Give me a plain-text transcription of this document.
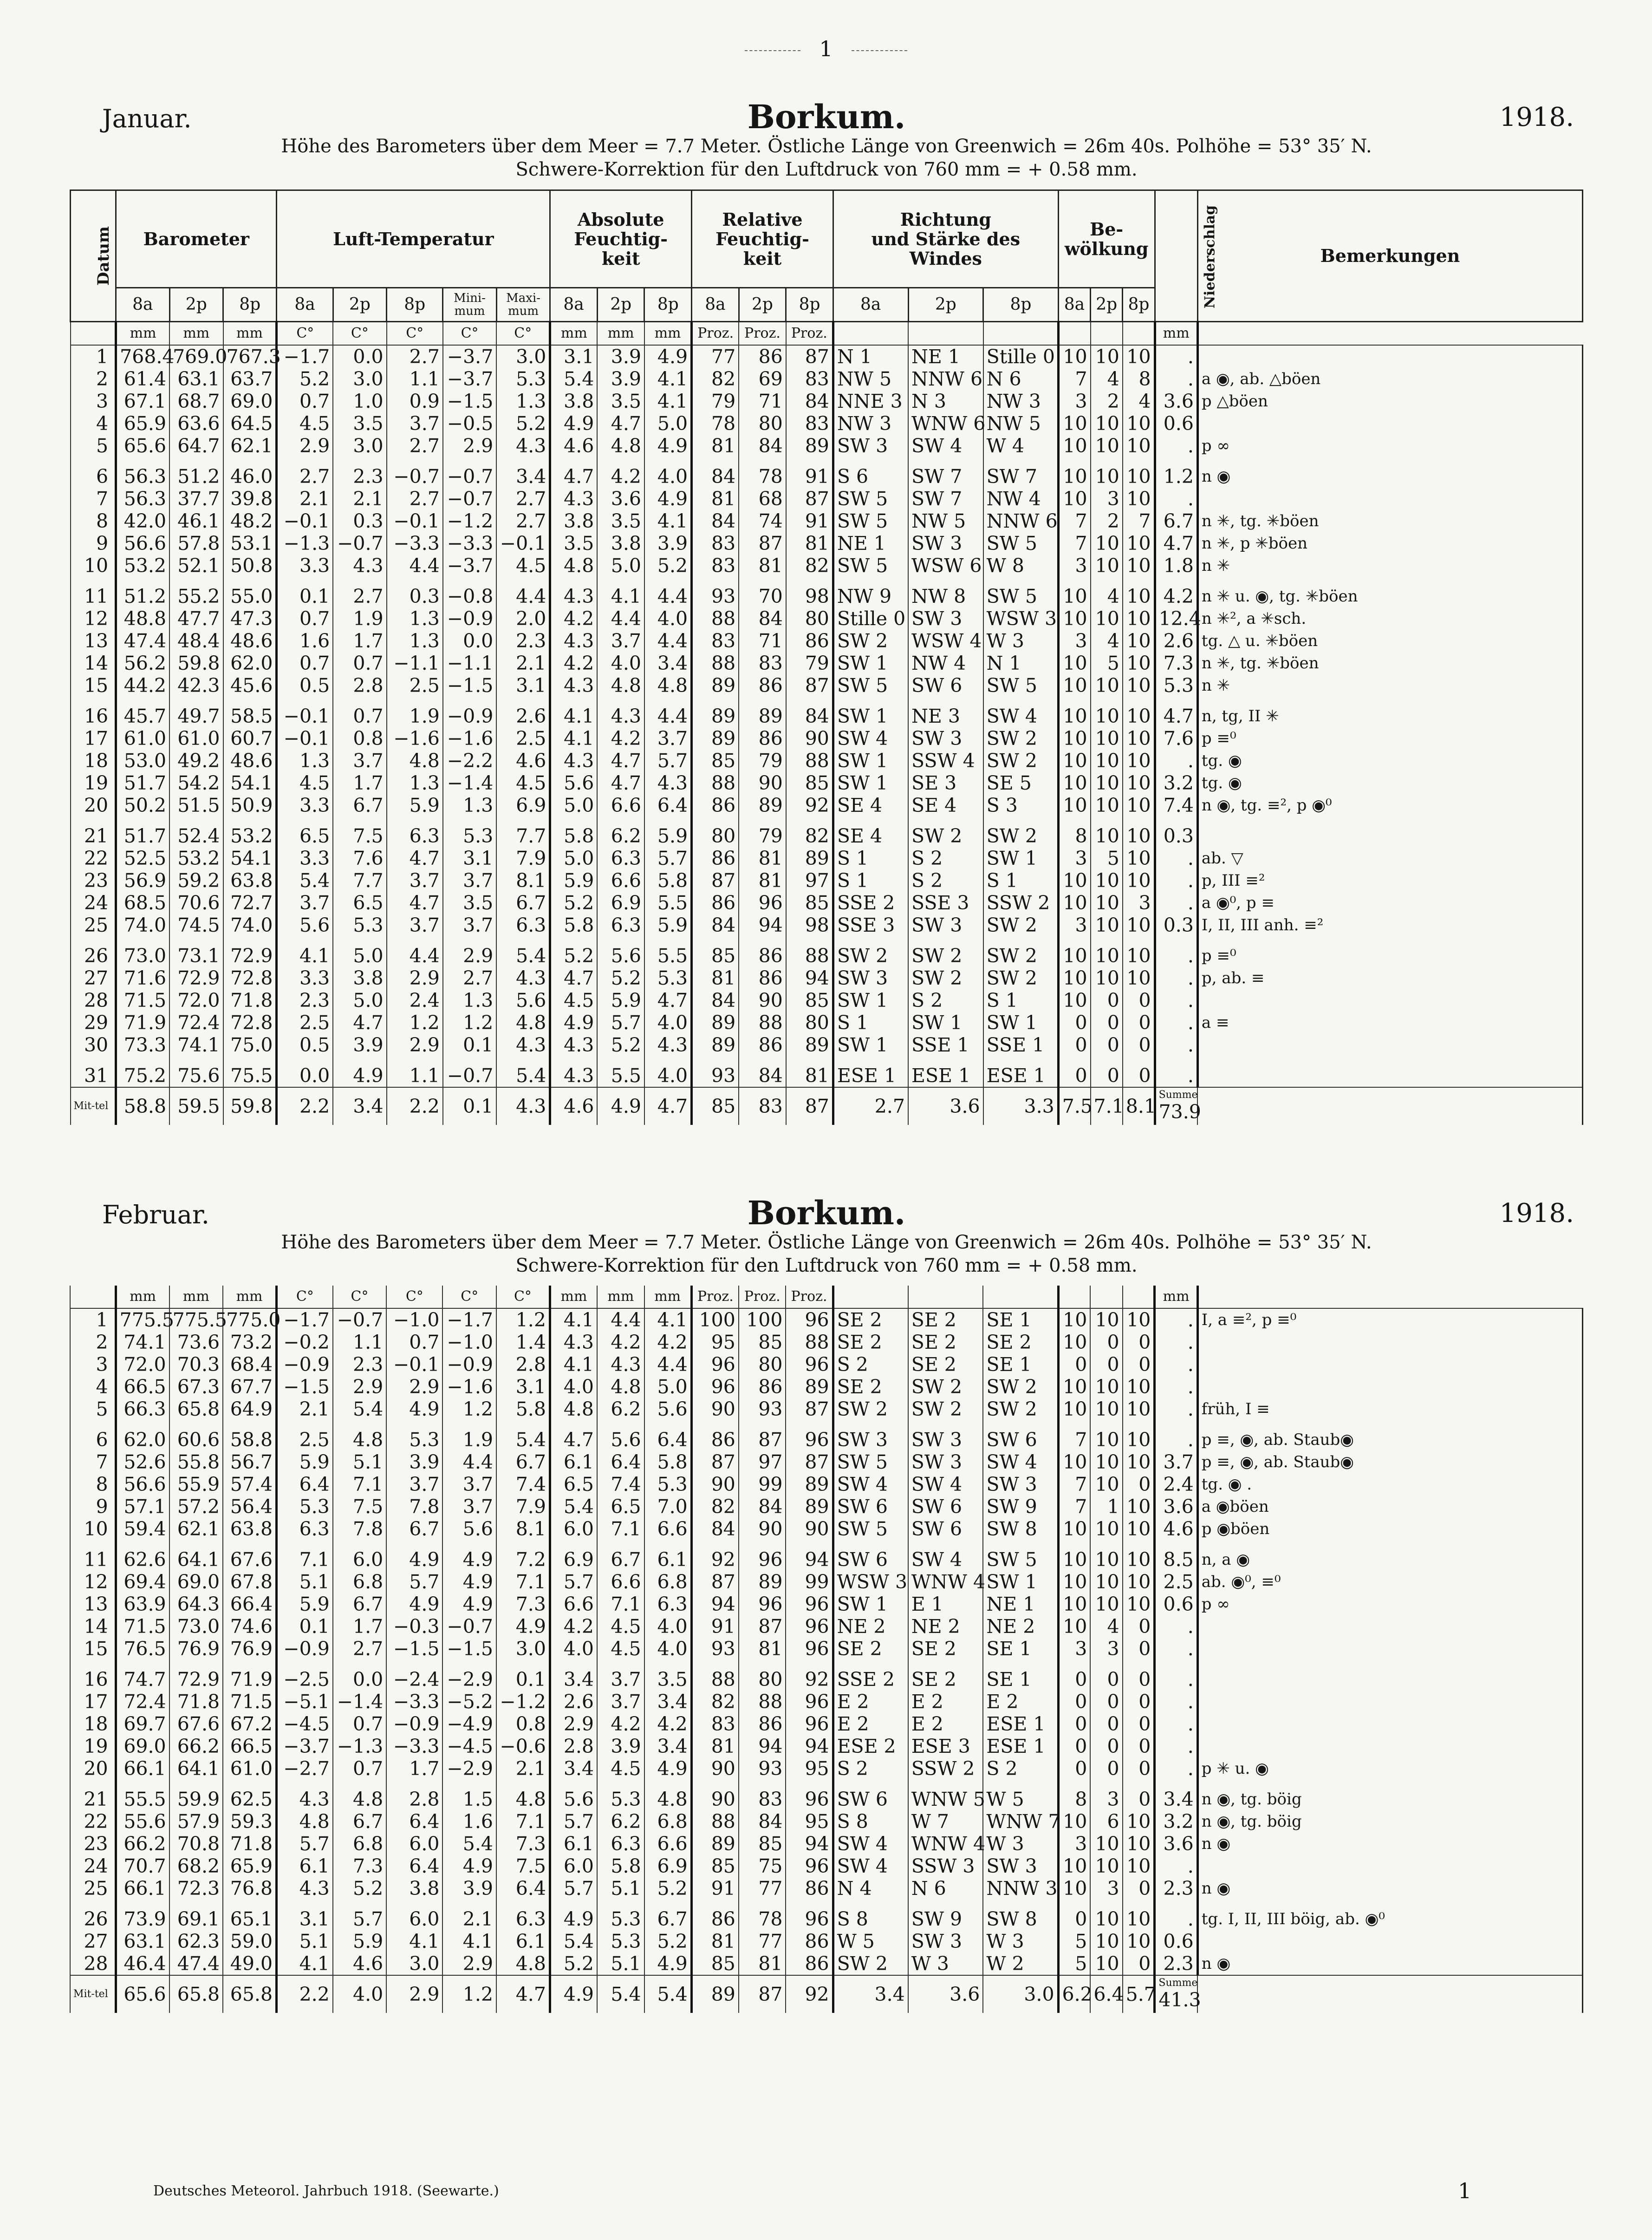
1
Januar.	Borkum.	1918.
Höhe des Barometers über dem Meer = 7.7 Meter. Östliche Länge von Greenwich = 26m 40s. Polhöhe = 53° 35′ N.
Schwere-Korrektion für den Luftdruck von 760 mm = + 0.58 mm.
Datum	Barometer			Luft-Temperatur					Absolute
Feuchtig-
keit			Relative
Feuchtig-
keit			Richtung
und Stärke des
Windes			Be-
wölkung			Niederschlag	Bemerkungen
	8a	2p	8p	8a	2p	8p	Mini-
mum	Maxi-
mum	8a	2p	8p	8a	2p	8p	8a	2p	8p	8a	2p	8p		
	mm	mm	mm	C°	C°	C°	C°	C°	mm	mm	mm	Proz.	Proz.	Proz.							mm	
1	768.4	769.0	767.3	−1.7	0.0	2.7	−3.7	3.0	3.1	3.9	4.9	77	86	87	N 1	NE 1	Stille 0	10	10	10	.	
2	61.4	63.1	63.7	5.2	3.0	1.1	−3.7	5.3	5.4	3.9	4.1	82	69	83	NW 5	NNW 6	N 6	7	4	8	.	a ◉, ab. △böen
3	67.1	68.7	69.0	0.7	1.0	0.9	−1.5	1.3	3.8	3.5	4.1	79	71	84	NNE 3	N 3	NW 3	3	2	4	3.6	p △böen
4	65.9	63.6	64.5	4.5	3.5	3.7	−0.5	5.2	4.9	4.7	5.0	78	80	83	NW 3	WNW 6	NW 5	10	10	10	0.6	
5	65.6	64.7	62.1	2.9	3.0	2.7	2.9	4.3	4.6	4.8	4.9	81	84	89	SW 3	SW 4	W 4	10	10	10	.	p ∞
6	56.3	51.2	46.0	2.7	2.3	−0.7	−0.7	3.4	4.7	4.2	4.0	84	78	91	S 6	SW 7	SW 7	10	10	10	1.2	n ◉
7	56.3	37.7	39.8	2.1	2.1	2.7	−0.7	2.7	4.3	3.6	4.9	81	68	87	SW 5	SW 7	NW 4	10	3	10	.	
8	42.0	46.1	48.2	−0.1	0.3	−0.1	−1.2	2.7	3.8	3.5	4.1	84	74	91	SW 5	NW 5	NNW 6	7	2	7	6.7	n ✳, tg. ✳böen
9	56.6	57.8	53.1	−1.3	−0.7	−3.3	−3.3	−0.1	3.5	3.8	3.9	83	87	81	NE 1	SW 3	SW 5	7	10	10	4.7	n ✳, p ✳böen
10	53.2	52.1	50.8	3.3	4.3	4.4	−3.7	4.5	4.8	5.0	5.2	83	81	82	SW 5	WSW 6	W 8	3	10	10	1.8	n ✳
11	51.2	55.2	55.0	0.1	2.7	0.3	−0.8	4.4	4.3	4.1	4.4	93	70	98	NW 9	NW 8	SW 5	10	4	10	4.2	n ✳ u. ◉, tg. ✳böen
12	48.8	47.7	47.3	0.7	1.9	1.3	−0.9	2.0	4.2	4.4	4.0	88	84	80	Stille 0	SW 3	WSW 3	10	10	10	12.4	n ✳², a ✳sch.
13	47.4	48.4	48.6	1.6	1.7	1.3	0.0	2.3	4.3	3.7	4.4	83	71	86	SW 2	WSW 4	W 3	3	4	10	2.6	tg. △ u. ✳böen
14	56.2	59.8	62.0	0.7	0.7	−1.1	−1.1	2.1	4.2	4.0	3.4	88	83	79	SW 1	NW 4	N 1	10	5	10	7.3	n ✳, tg. ✳böen
15	44.2	42.3	45.6	0.5	2.8	2.5	−1.5	3.1	4.3	4.8	4.8	89	86	87	SW 5	SW 6	SW 5	10	10	10	5.3	n ✳
16	45.7	49.7	58.5	−0.1	0.7	1.9	−0.9	2.6	4.1	4.3	4.4	89	89	84	SW 1	NE 3	SW 4	10	10	10	4.7	n, tg, II ✳
17	61.0	61.0	60.7	−0.1	0.8	−1.6	−1.6	2.5	4.1	4.2	3.7	89	86	90	SW 4	SW 3	SW 2	10	10	10	7.6	p ≡⁰
18	53.0	49.2	48.6	1.3	3.7	4.8	−2.2	4.6	4.3	4.7	5.7	85	79	88	SW 1	SSW 4	SW 2	10	10	10	.	tg. ◉
19	51.7	54.2	54.1	4.5	1.7	1.3	−1.4	4.5	5.6	4.7	4.3	88	90	85	SW 1	SE 3	SE 5	10	10	10	3.2	tg. ◉
20	50.2	51.5	50.9	3.3	6.7	5.9	1.3	6.9	5.0	6.6	6.4	86	89	92	SE 4	SE 4	S 3	10	10	10	7.4	n ◉, tg. ≡², p ◉⁰
21	51.7	52.4	53.2	6.5	7.5	6.3	5.3	7.7	5.8	6.2	5.9	80	79	82	SE 4	SW 2	SW 2	8	10	10	0.3	
22	52.5	53.2	54.1	3.3	7.6	4.7	3.1	7.9	5.0	6.3	5.7	86	81	89	S 1	S 2	SW 1	3	5	10	.	ab. ▽
23	56.9	59.2	63.8	5.4	7.7	3.7	3.7	8.1	5.9	6.6	5.8	87	81	97	S 1	S 2	S 1	10	10	10	.	p, III ≡²
24	68.5	70.6	72.7	3.7	6.5	4.7	3.5	6.7	5.2	6.9	5.5	86	96	85	SSE 2	SSE 3	SSW 2	10	10	3	.	a ◉⁰, p ≡
25	74.0	74.5	74.0	5.6	5.3	3.7	3.7	6.3	5.8	6.3	5.9	84	94	98	SSE 3	SW 3	SW 2	3	10	10	0.3	I, II, III anh. ≡²
26	73.0	73.1	72.9	4.1	5.0	4.4	2.9	5.4	5.2	5.6	5.5	85	86	88	SW 2	SW 2	SW 2	10	10	10	.	p ≡⁰
27	71.6	72.9	72.8	3.3	3.8	2.9	2.7	4.3	4.7	5.2	5.3	81	86	94	SW 3	SW 2	SW 2	10	10	10	.	p, ab. ≡
28	71.5	72.0	71.8	2.3	5.0	2.4	1.3	5.6	4.5	5.9	4.7	84	90	85	SW 1	S 2	S 1	10	0	0	.	
29	71.9	72.4	72.8	2.5	4.7	1.2	1.2	4.8	4.9	5.7	4.0	89	88	80	S 1	SW 1	SW 1	0	0	0	.	a ≡
30	73.3	74.1	75.0	0.5	3.9	2.9	0.1	4.3	4.3	5.2	4.3	89	86	89	SW 1	SSE 1	SSE 1	0	0	0	.	
31	75.2	75.6	75.5	0.0	4.9	1.1	−0.7	5.4	4.3	5.5	4.0	93	84	81	ESE 1	ESE 1	ESE 1	0	0	0	.	
Mit-tel	58.8	59.5	59.8	2.2	3.4	2.2	0.1	4.3	4.6	4.9	4.7	85	83	87	2.7	3.6	3.3	7.5	7.1	8.1	Summe
73.9	

Februar.	Borkum.	1918.
Höhe des Barometers über dem Meer = 7.7 Meter. Östliche Länge von Greenwich = 26m 40s. Polhöhe = 53° 35′ N.
Schwere-Korrektion für den Luftdruck von 760 mm = + 0.58 mm.
	mm	mm	mm	C°	C°	C°	C°	C°	mm	mm	mm	Proz.	Proz.	Proz.							mm	
1	775.5	775.5	775.0	−1.7	−0.7	−1.0	−1.7	1.2	4.1	4.4	4.1	100	100	96	SE 2	SE 2	SE 1	10	10	10	.	I, a ≡², p ≡⁰
2	74.1	73.6	73.2	−0.2	1.1	0.7	−1.0	1.4	4.3	4.2	4.2	95	85	88	SE 2	SE 2	SE 2	10	0	0	.	
3	72.0	70.3	68.4	−0.9	2.3	−0.1	−0.9	2.8	4.1	4.3	4.4	96	80	96	S 2	SE 2	SE 1	0	0	0	.	
4	66.5	67.3	67.7	−1.5	2.9	2.9	−1.6	3.1	4.0	4.8	5.0	96	86	89	SE 2	SW 2	SW 2	10	10	10	.	
5	66.3	65.8	64.9	2.1	5.4	4.9	1.2	5.8	4.8	6.2	5.6	90	93	87	SW 2	SW 2	SW 2	10	10	10	.	früh, I ≡
6	62.0	60.6	58.8	2.5	4.8	5.3	1.9	5.4	4.7	5.6	6.4	86	87	96	SW 3	SW 3	SW 6	7	10	10	.	p ≡, ◉, ab. Staub◉
7	52.6	55.8	56.7	5.9	5.1	3.9	4.4	6.7	6.1	6.4	5.8	87	97	87	SW 5	SW 3	SW 4	10	10	10	3.7	p ≡, ◉, ab. Staub◉
8	56.6	55.9	57.4	6.4	7.1	3.7	3.7	7.4	6.5	7.4	5.3	90	99	89	SW 4	SW 4	SW 3	7	10	0	2.4	tg. ◉ .
9	57.1	57.2	56.4	5.3	7.5	7.8	3.7	7.9	5.4	6.5	7.0	82	84	89	SW 6	SW 6	SW 9	7	1	10	3.6	a ◉böen
10	59.4	62.1	63.8	6.3	7.8	6.7	5.6	8.1	6.0	7.1	6.6	84	90	90	SW 5	SW 6	SW 8	10	10	10	4.6	p ◉böen
11	62.6	64.1	67.6	7.1	6.0	4.9	4.9	7.2	6.9	6.7	6.1	92	96	94	SW 6	SW 4	SW 5	10	10	10	8.5	n, a ◉
12	69.4	69.0	67.8	5.1	6.8	5.7	4.9	7.1	5.7	6.6	6.8	87	89	99	WSW 3	WNW 4	SW 1	10	10	10	2.5	ab. ◉⁰, ≡⁰
13	63.9	64.3	66.4	5.9	6.7	4.9	4.9	7.3	6.6	7.1	6.3	94	96	96	SW 1	E 1	NE 1	10	10	10	0.6	p ∞
14	71.5	73.0	74.6	0.1	1.7	−0.3	−0.7	4.9	4.2	4.5	4.0	91	87	96	NE 2	NE 2	NE 2	10	4	0	.	
15	76.5	76.9	76.9	−0.9	2.7	−1.5	−1.5	3.0	4.0	4.5	4.0	93	81	96	SE 2	SE 2	SE 1	3	3	0	.	
16	74.7	72.9	71.9	−2.5	0.0	−2.4	−2.9	0.1	3.4	3.7	3.5	88	80	92	SSE 2	SE 2	SE 1	0	0	0	.	
17	72.4	71.8	71.5	−5.1	−1.4	−3.3	−5.2	−1.2	2.6	3.7	3.4	82	88	96	E 2	E 2	E 2	0	0	0	.	
18	69.7	67.6	67.2	−4.5	0.7	−0.9	−4.9	0.8	2.9	4.2	4.2	83	86	96	E 2	E 2	ESE 1	0	0	0	.	
19	69.0	66.2	66.5	−3.7	−1.3	−3.3	−4.5	−0.6	2.8	3.9	3.4	81	94	94	ESE 2	ESE 3	ESE 1	0	0	0	.	
20	66.1	64.1	61.0	−2.7	0.7	1.7	−2.9	2.1	3.4	4.5	4.9	90	93	95	S 2	SSW 2	S 2	0	0	0	.	p ✳ u. ◉
21	55.5	59.9	62.5	4.3	4.8	2.8	1.5	4.8	5.6	5.3	4.8	90	83	96	SW 6	WNW 5	W 5	8	3	0	3.4	n ◉, tg. böig
22	55.6	57.9	59.3	4.8	6.7	6.4	1.6	7.1	5.7	6.2	6.8	88	84	95	S 8	W 7	WNW 7	10	6	10	3.2	n ◉, tg. böig
23	66.2	70.8	71.8	5.7	6.8	6.0	5.4	7.3	6.1	6.3	6.6	89	85	94	SW 4	WNW 4	W 3	3	10	10	3.6	n ◉
24	70.7	68.2	65.9	6.1	7.3	6.4	4.9	7.5	6.0	5.8	6.9	85	75	96	SW 4	SSW 3	SW 3	10	10	10	.	
25	66.1	72.3	76.8	4.3	5.2	3.8	3.9	6.4	5.7	5.1	5.2	91	77	86	N 4	N 6	NNW 3	10	3	0	2.3	n ◉
26	73.9	69.1	65.1	3.1	5.7	6.0	2.1	6.3	4.9	5.3	6.7	86	78	96	S 8	SW 9	SW 8	0	10	10	.	tg. I, II, III böig, ab. ◉⁰
27	63.1	62.3	59.0	5.1	5.9	4.1	4.1	6.1	5.4	5.3	5.2	81	77	86	W 5	SW 3	W 3	5	10	10	0.6	
28	46.4	47.4	49.0	4.1	4.6	3.0	2.9	4.8	5.2	5.1	4.9	85	81	86	SW 2	W 3	W 2	5	10	0	2.3	n ◉
Mit-tel	65.6	65.8	65.8	2.2	4.0	2.9	1.2	4.7	4.9	5.4	5.4	89	87	92	3.4	3.6	3.0	6.2	6.4	5.7	Summe
41.3	

Deutsches Meteorol. Jahrbuch 1918. (Seewarte.)	1
